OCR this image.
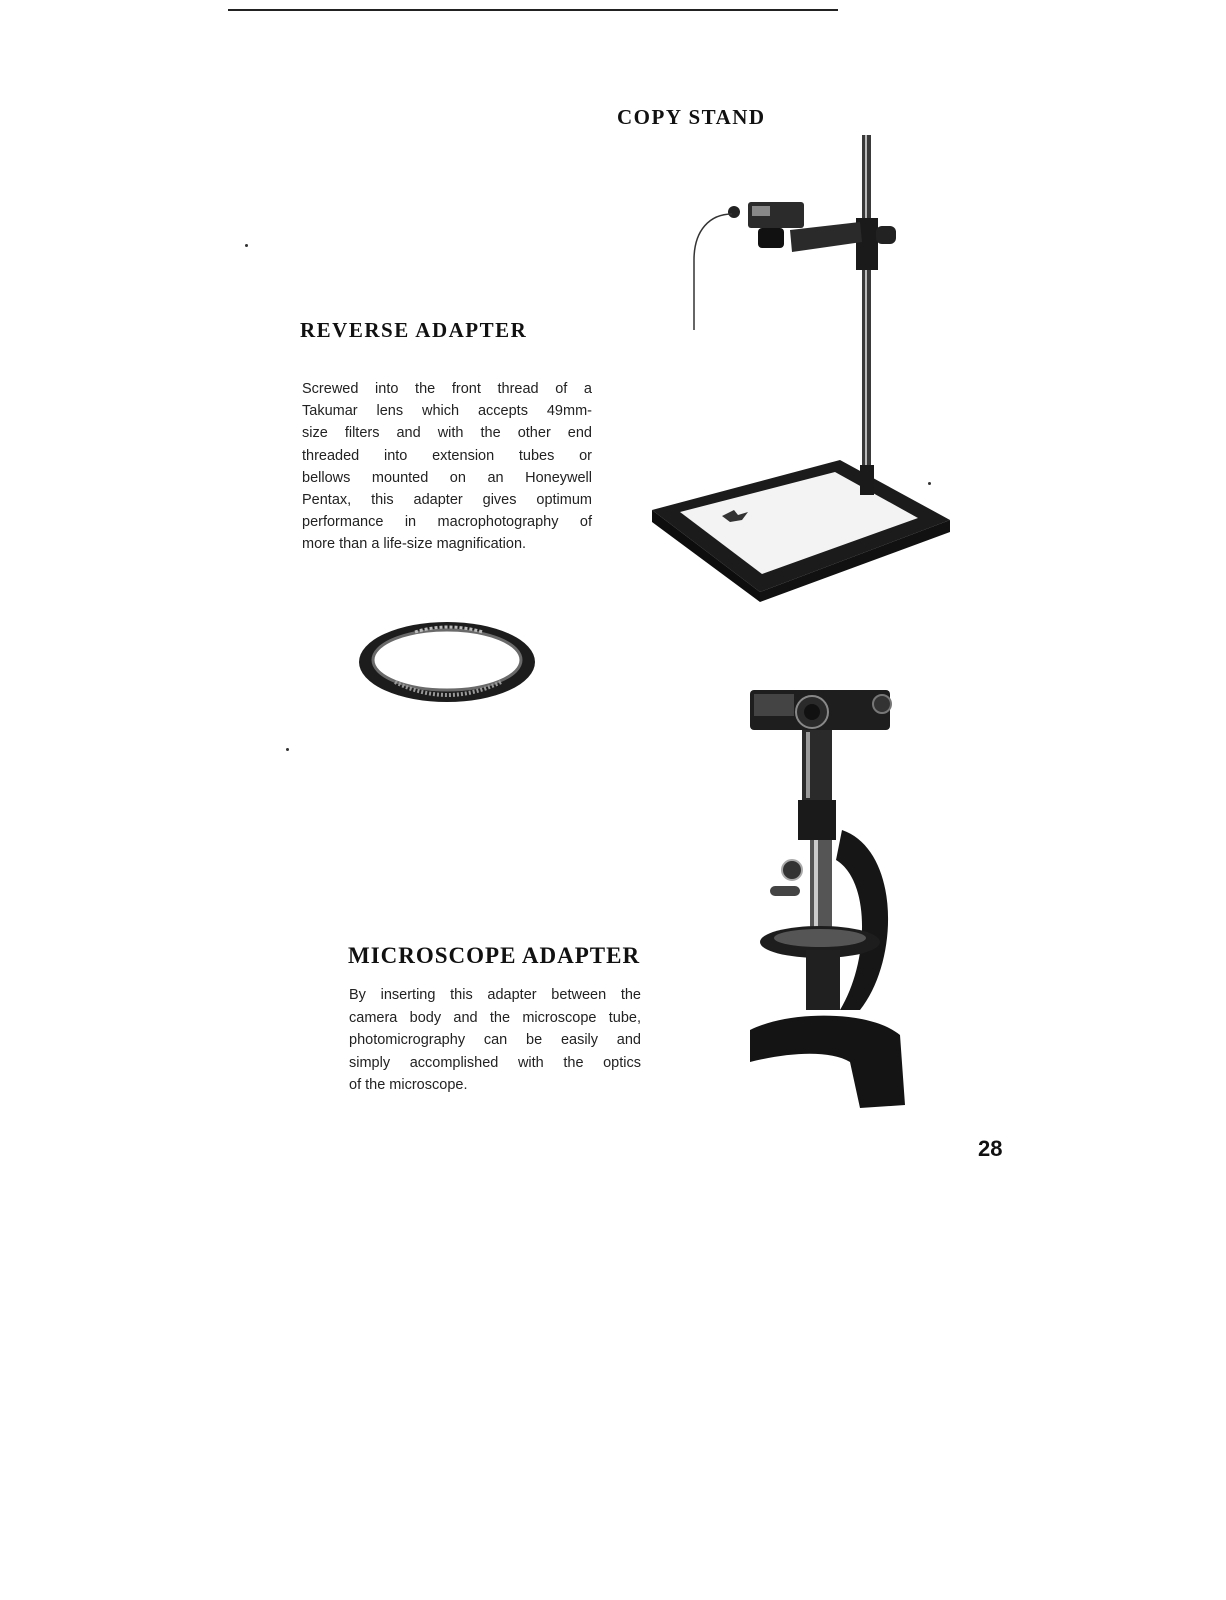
COPY STAND
REVERSE ADAPTER

Screwed into the front thread of a
Takumar lens which accepts 49mm-
size filters and with the other end
threaded into extension tubes or
bellows mounted on an Honeywell
Pentax, this adapter gives optimum
performance in macrophotography of
more than a life-size magnification.

MICROSCOPE ADAPTER

By inserting this adapter between the
camera body and the microscope tube,
photomicrography can be easily and
simply accomplished with the optics
of the microscope.

28
